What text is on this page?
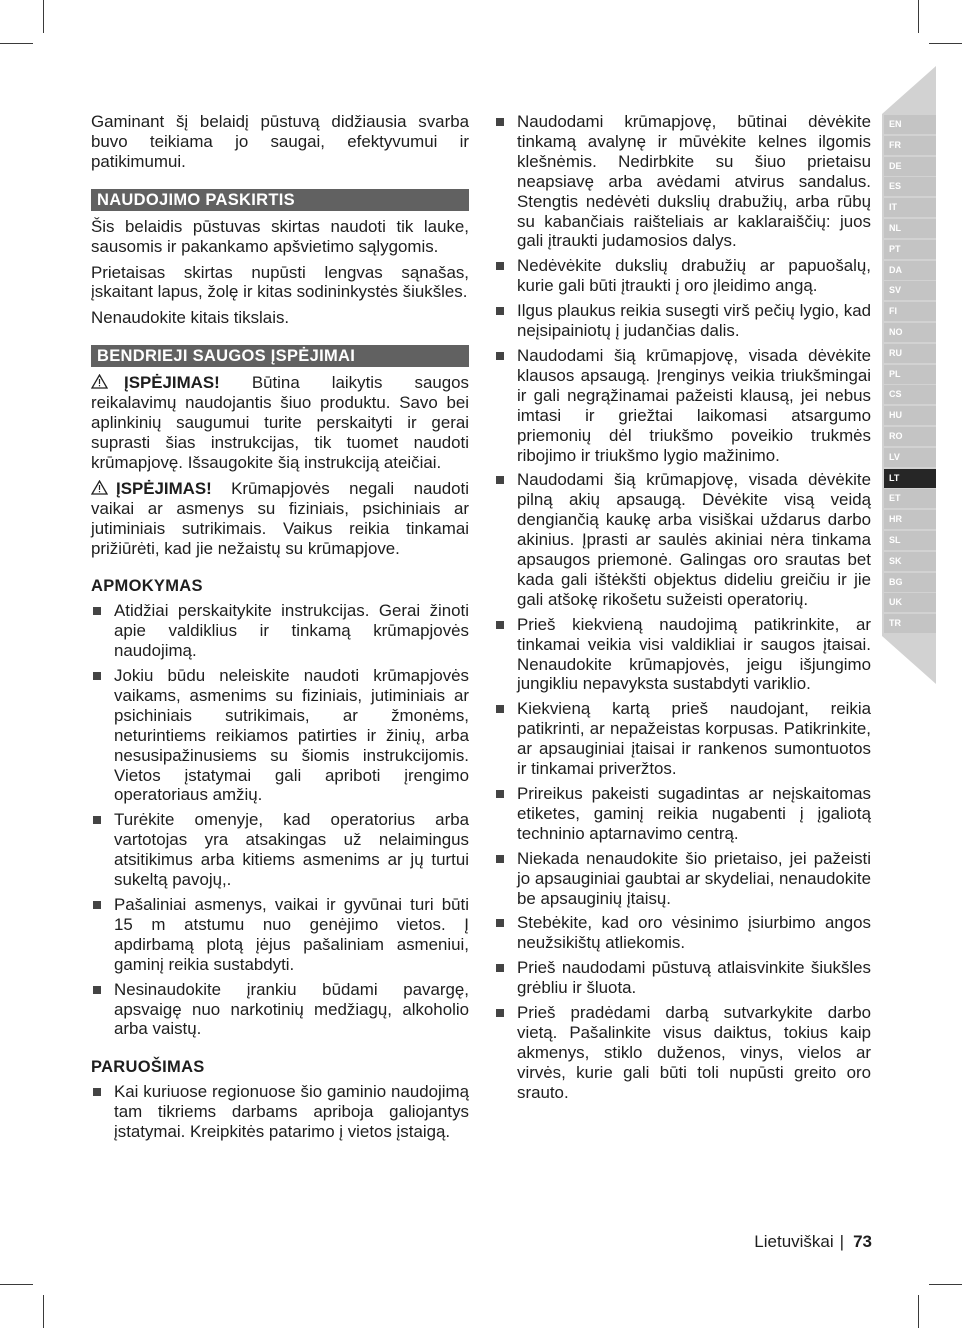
EN
FR
DE
ES
IT
NL
PT
DA
SV
FI
NO
RU
PL
CS
HU
RO
LV
LT
ET
HR
SL
SK
BG
UK
TR

Gaminant šį belaidį pūstuvą didžiausia svarba buvo teikiama jo saugai, efektyvumui ir patikimumui.

NAUDOJIMO PASKIRTIS

Šis belaidis pūstuvas skirtas naudoti tik lauke, sausomis ir pakankamo apšvietimo sąlygomis.

Prietaisas skirtas nupūsti lengvas sąnašas, įskaitant lapus, žolę ir kitas sodininkystės šiukšles.

Nenaudokite kitais tikslais.

BENDRIEJI SAUGOS ĮSPĖJIMAI

ĮSPĖJIMAS! Būtina laikytis saugos reikalavimų naudojantis šiuo produktu. Savo bei aplinkinių saugumui turite perskaityti ir gerai suprasti šias instrukcijas, tik tuomet naudoti krūmapjovę. Išsaugokite šią instrukciją ateičiai.

ĮSPĖJIMAS! Krūmapjovės negali naudoti vaikai ar asmenys su fiziniais, psichiniais ar jutiminiais sutrikimais. Vaikus reikia tinkamai prižiūrėti, kad jie nežaistų su krūmapjove.

APMOKYMAS
Atidžiai perskaitykite instrukcijas. Gerai žinoti apie valdiklius ir tinkamą krūmapjovės naudojimą.
Jokiu būdu neleiskite naudoti krūmapjovės vaikams, asmenims su fiziniais, jutiminiais ar psichiniais sutrikimais, ar žmonėms, neturintiems reikiamos patirties ir žinių, arba nesusipažinusiems su šiomis instrukcijomis. Vietos įstatymai gali apriboti įrengimo operatoriaus amžių.
Turėkite omenyje, kad operatorius arba vartotojas yra atsakingas už nelaimingus atsitikimus arba kitiems asmenims ar jų turtui sukeltą pavojų,.
Pašaliniai asmenys, vaikai ir gyvūnai turi būti 15 m atstumu nuo genėjimo vietos. Į apdirbamą plotą įėjus pašaliniam asmeniui, gaminį reikia sustabdyti.
Nesinaudokite įrankiu būdami pavargę, apsvaigę nuo narkotinių medžiagų, alkoholio arba vaistų.
PARUOŠIMAS
Kai kuriuose regionuose šio gaminio naudojimą tam tikriems darbams apriboja galiojantys įstatymai. Kreipkitės patarimo į vietos įstaigą.
Naudodami krūmapjovę, būtinai dėvėkite tinkamą avalynę ir mūvėkite kelnes ilgomis klešnėmis. Nedirbkite su šiuo prietaisu neapsiavę arba avėdami atvirus sandalus. Stengtis nedėvėti dukslių drabužių, arba rūbų su kabančiais raišteliais ar kaklaraiščių: juos gali įtraukti judamosios dalys.
Nedėvėkite dukslių drabužių ar papuošalų, kurie gali būti įtraukti į oro įleidimo angą.
Ilgus plaukus reikia susegti virš pečių lygio, kad neįsipainiotų į judančias dalis.
Naudodami šią krūmapjovę, visada dėvėkite klausos apsaugą. Įrenginys veikia triukšmingai ir gali negrąžinamai pažeisti klausą, jei nebus imtasi ir griežtai laikomasi atsargumo priemonių dėl triukšmo poveikio trukmės ribojimo ir triukšmo lygio mažinimo.
Naudodami šią krūmapjovę, visada dėvėkite pilną akių apsaugą. Dėvėkite visą veidą dengiančią kaukę arba visiškai uždarus darbo akinius. Įprasti ar saulės akiniai nėra tinkama apsaugos priemonė. Galingas oro srautas bet kada gali ištėkšti objektus dideliu greičiu ir jie gali atšokę rikošetu sužeisti operatorių.
Prieš kiekvieną naudojimą patikrinkite, ar tinkamai veikia visi valdikliai ir saugos įtaisai. Nenaudokite krūmapjovės, jeigu išjungimo jungikliu nepavyksta sustabdyti variklio.
Kiekvieną kartą prieš naudojant, reikia patikrinti, ar nepažeistas korpusas. Patikrinkite, ar apsauginiai įtaisai ir rankenos sumontuotos ir tinkamai priveržtos.
Prireikus pakeisti sugadintas ar neįskaitomas etiketes, gaminį reikia nugabenti į įgaliotą techninio aptarnavimo centrą.
Niekada nenaudokite šio prietaiso, jei pažeisti jo apsauginiai gaubtai ar skydeliai, nenaudokite be apsauginių įtaisų.
Stebėkite, kad oro vėsinimo įsiurbimo angos neužsikištų atliekomis.
Prieš naudodami pūstuvą atlaisvinkite šiukšles grėbliu ir šluota.
Prieš pradėdami darbą sutvarkykite darbo vietą. Pašalinkite visus daiktus, tokius kaip akmenys, stiklo duženos, vinys, vielos ar virvės, kurie gali būti toli nupūsti greito oro srauto.
Lietuviškai | 73
